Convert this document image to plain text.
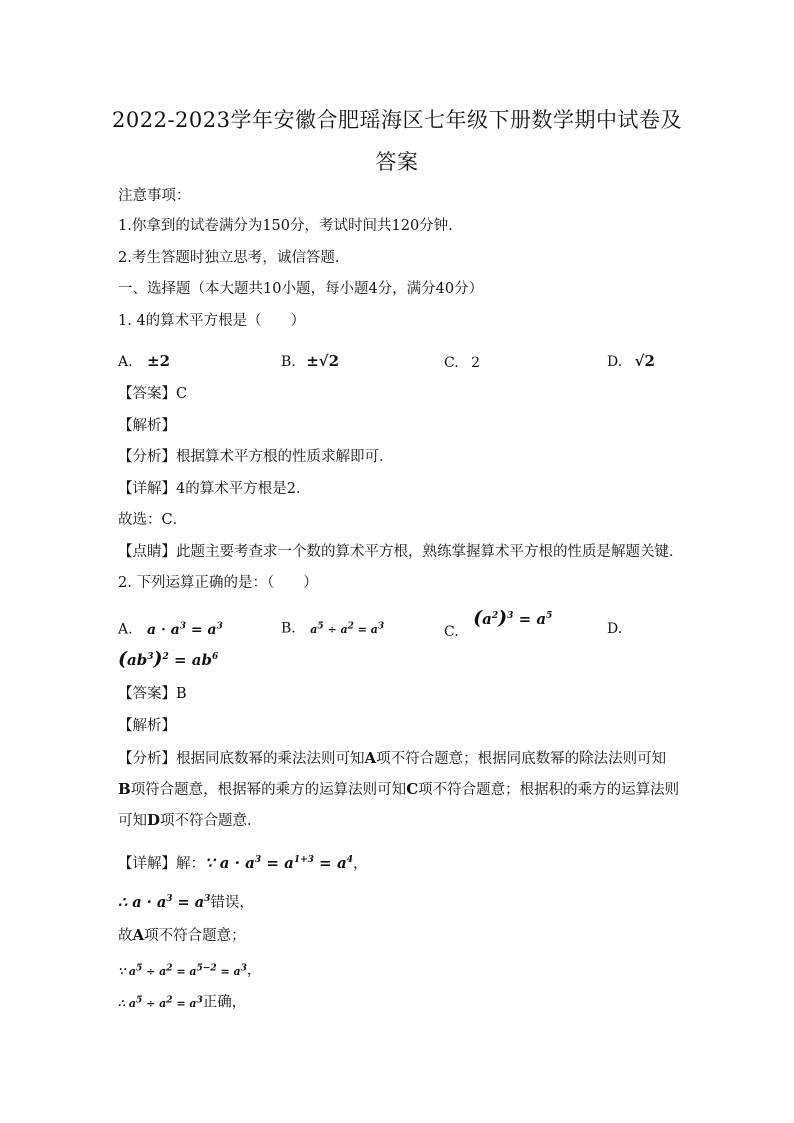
2022-2023学年安徽合肥瑶海区七年级下册数学期中试卷及
答案
注意事项：
1.你拿到的试卷满分为150分，考试时间共120分钟.
2.考生答题时独立思考，诚信答题.
一、选择题（本大题共10小题，每小题4分，满分40分）
1. 4的算术平方根是（　　）
A. ±2	B. ±√2	C. 2	D. √2
【答案】C
【解析】
【分析】根据算术平方根的性质求解即可．
【详解】4的算术平方根是2．
故选：C．
【点睛】此题主要考查求一个数的算术平方根，熟练掌握算术平方根的性质是解题关键．
2. 下列运算正确的是：（　　）
A. $a \cdot a^3 = a^3$	B. $a^5 \div a^2 = a^3$	C. $(a^2)^3 = a^5$
D.
$(ab^3)^2 = ab^6$
【答案】B
【解析】
【分析】根据同底数幂的乘法法则可知A项不符合题意；根据同底数幂的除法法则可知
B项符合题意，根据幂的乘方的运算法则可知C项不符合题意；根据积的乘方的运算法则
可知D项不符合题意．
【详解】解：∵ $a \cdot a^3 = a^{1+3} = a^4$，
∴ $a \cdot a^3 = a^3$错误，
故A项不符合题意；
∵ $a^5 \div a^2 = a^{5-2} = a^3$，
∴ $a^5 \div a^2 = a^3$正确，
